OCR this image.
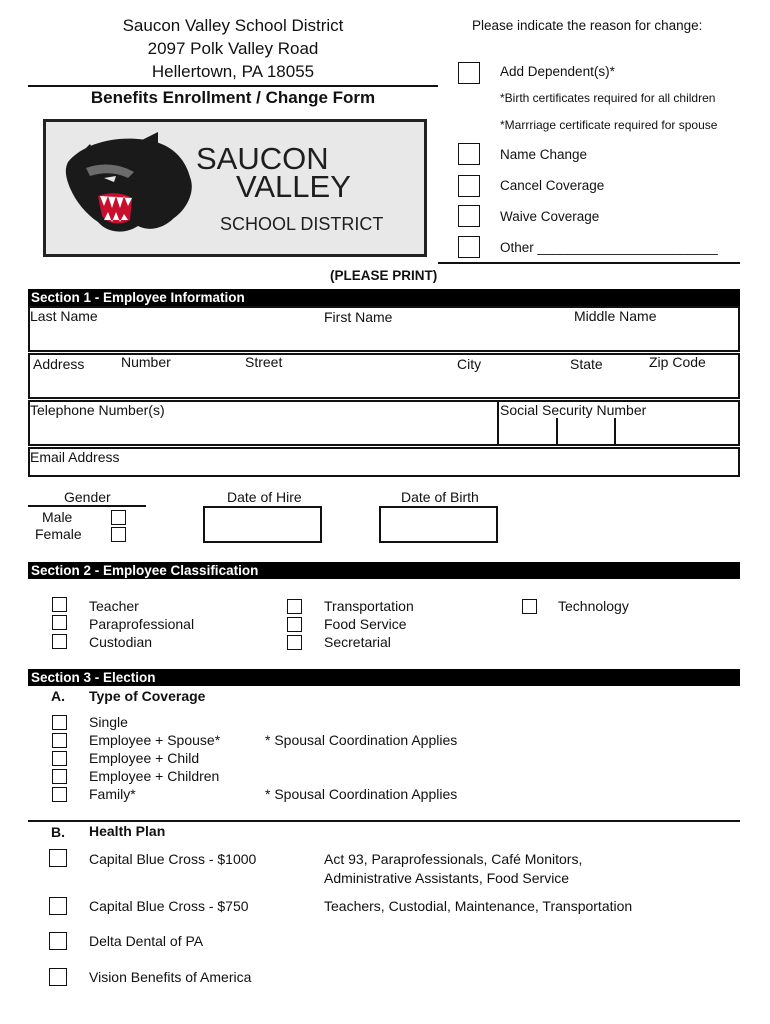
Saucon Valley School District
2097 Polk Valley Road
Hellertown, PA 18055
Benefits Enrollment / Change Form
SAUCON
VALLEY
SCHOOL DISTRICT
Please indicate the reason for change:
Add Dependent(s)*
*Birth certificates required for all children
*Marrriage certificate required for spouse
Name Change
Cancel Coverage
Waive Coverage
Other ________________________
(PLEASE PRINT)
Section 1 - Employee Information
Last Name	First Name	Middle Name
Address	Number	Street	City	State	Zip Code
Telephone Number(s)	Social Security Number
Email Address
Gender
Male
Female
Date of Hire	Date of Birth
Section 2 - Employee Classification
Teacher
Paraprofessional
Custodian
Transportation
Food Service
Secretarial
Technology
Section 3 - Election
A. Type of Coverage
Single
Employee + Spouse*
Employee + Child
Employee + Children
Family*
* Spousal Coordination Applies
* Spousal Coordination Applies
B. Health Plan
Capital Blue Cross - $1000	Act 93, Paraprofessionals, Café Monitors,
Administrative Assistants, Food Service
Capital Blue Cross - $750	Teachers, Custodial, Maintenance, Transportation
Delta Dental of PA
Vision Benefits of America
